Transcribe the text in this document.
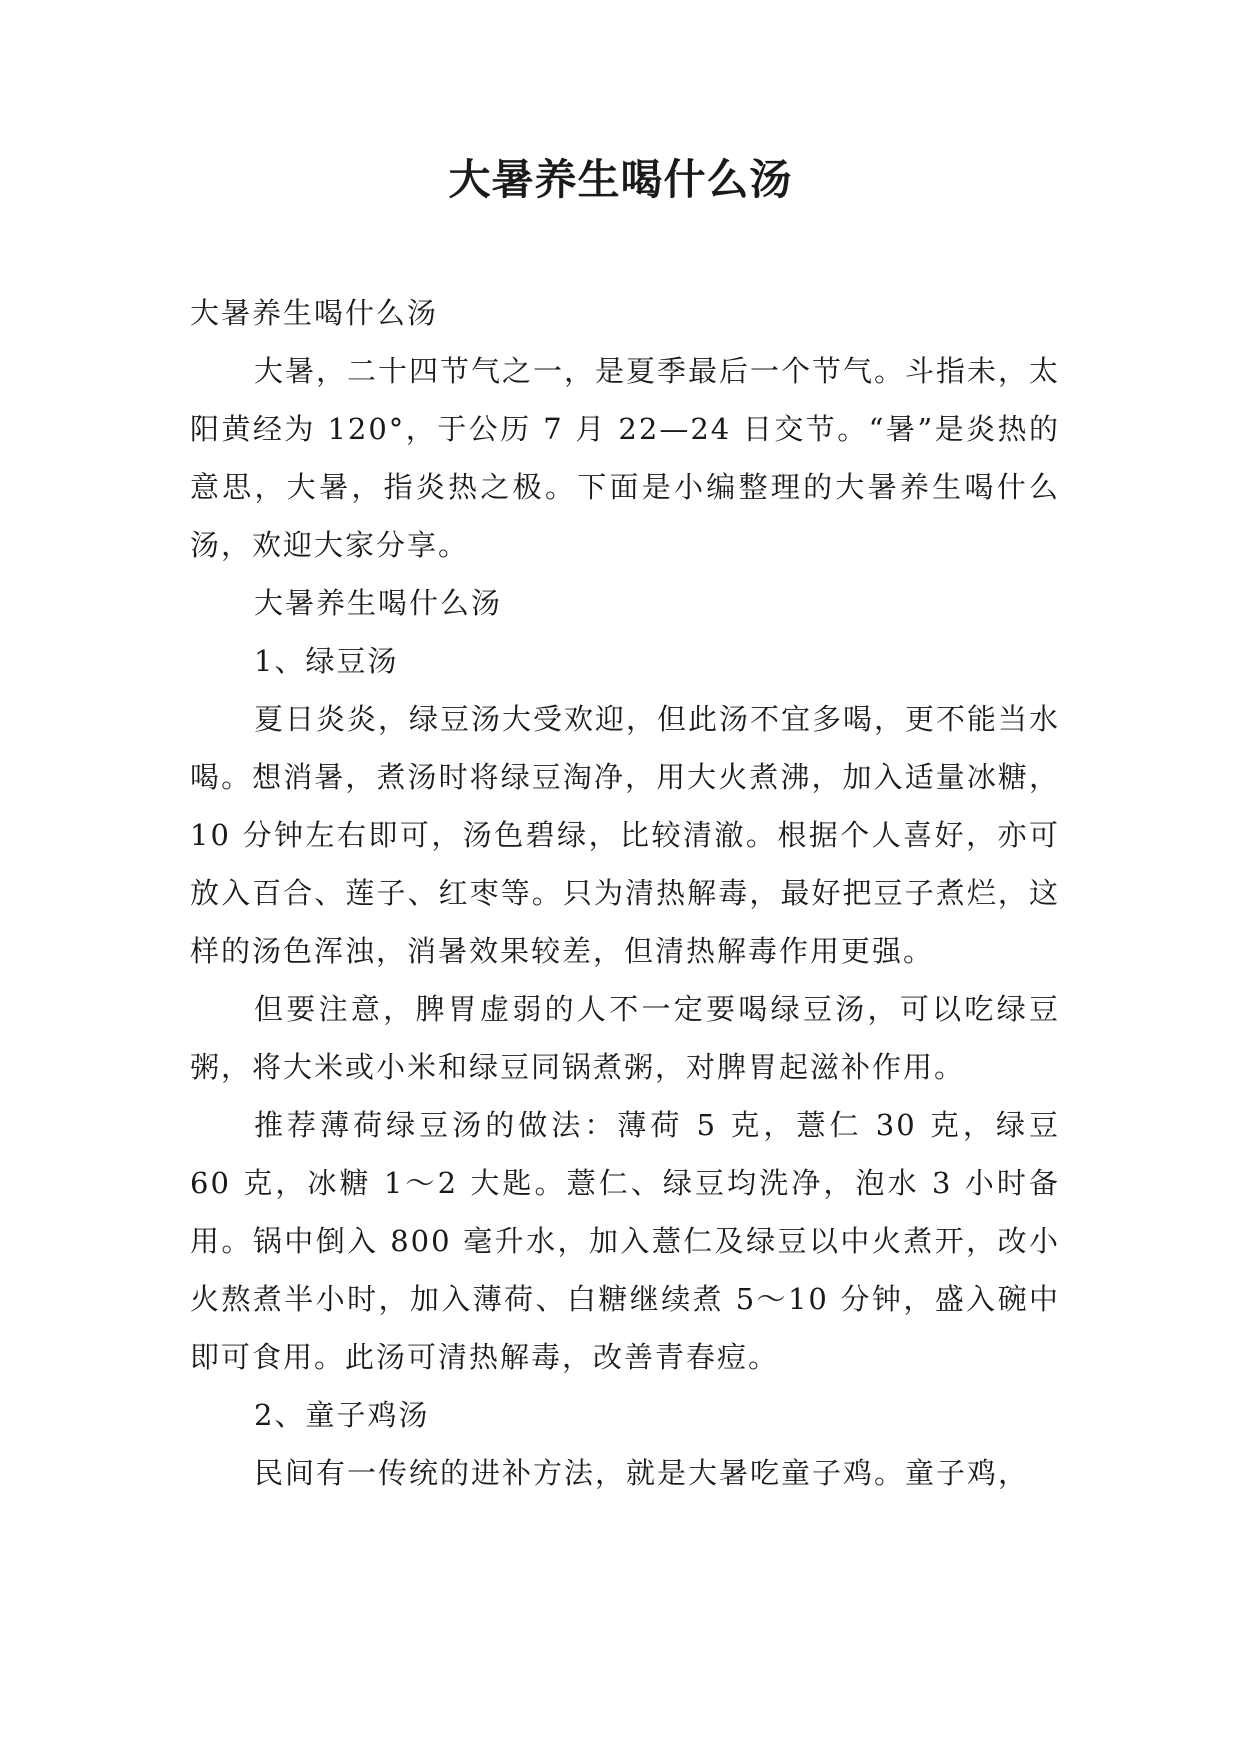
大暑养生喝什么汤

大暑养生喝什么汤

大暑，二十四节气之一，是夏季最后一个节气。斗指未，太阳黄经为 120°，于公历 7 月 22—24 日交节。“暑”是炎热的意思，大暑，指炎热之极。下面是小编整理的大暑养生喝什么汤，欢迎大家分享。

大暑养生喝什么汤

1、绿豆汤

夏日炎炎，绿豆汤大受欢迎，但此汤不宜多喝，更不能当水喝。想消暑，煮汤时将绿豆淘净，用大火煮沸，加入适量冰糖，10 分钟左右即可，汤色碧绿，比较清澈。根据个人喜好，亦可放入百合、莲子、红枣等。只为清热解毒，最好把豆子煮烂，这样的汤色浑浊，消暑效果较差，但清热解毒作用更强。

但要注意，脾胃虚弱的人不一定要喝绿豆汤，可以吃绿豆粥，将大米或小米和绿豆同锅煮粥，对脾胃起滋补作用。

推荐薄荷绿豆汤的做法：薄荷 5 克，薏仁 30 克，绿豆 60 克，冰糖 1～2 大匙。薏仁、绿豆均洗净，泡水 3 小时备用。锅中倒入 800 毫升水，加入薏仁及绿豆以中火煮开，改小火熬煮半小时，加入薄荷、白糖继续煮 5～10 分钟，盛入碗中即可食用。此汤可清热解毒，改善青春痘。

2、童子鸡汤

民间有一传统的进补方法，就是大暑吃童子鸡。童子鸡，
